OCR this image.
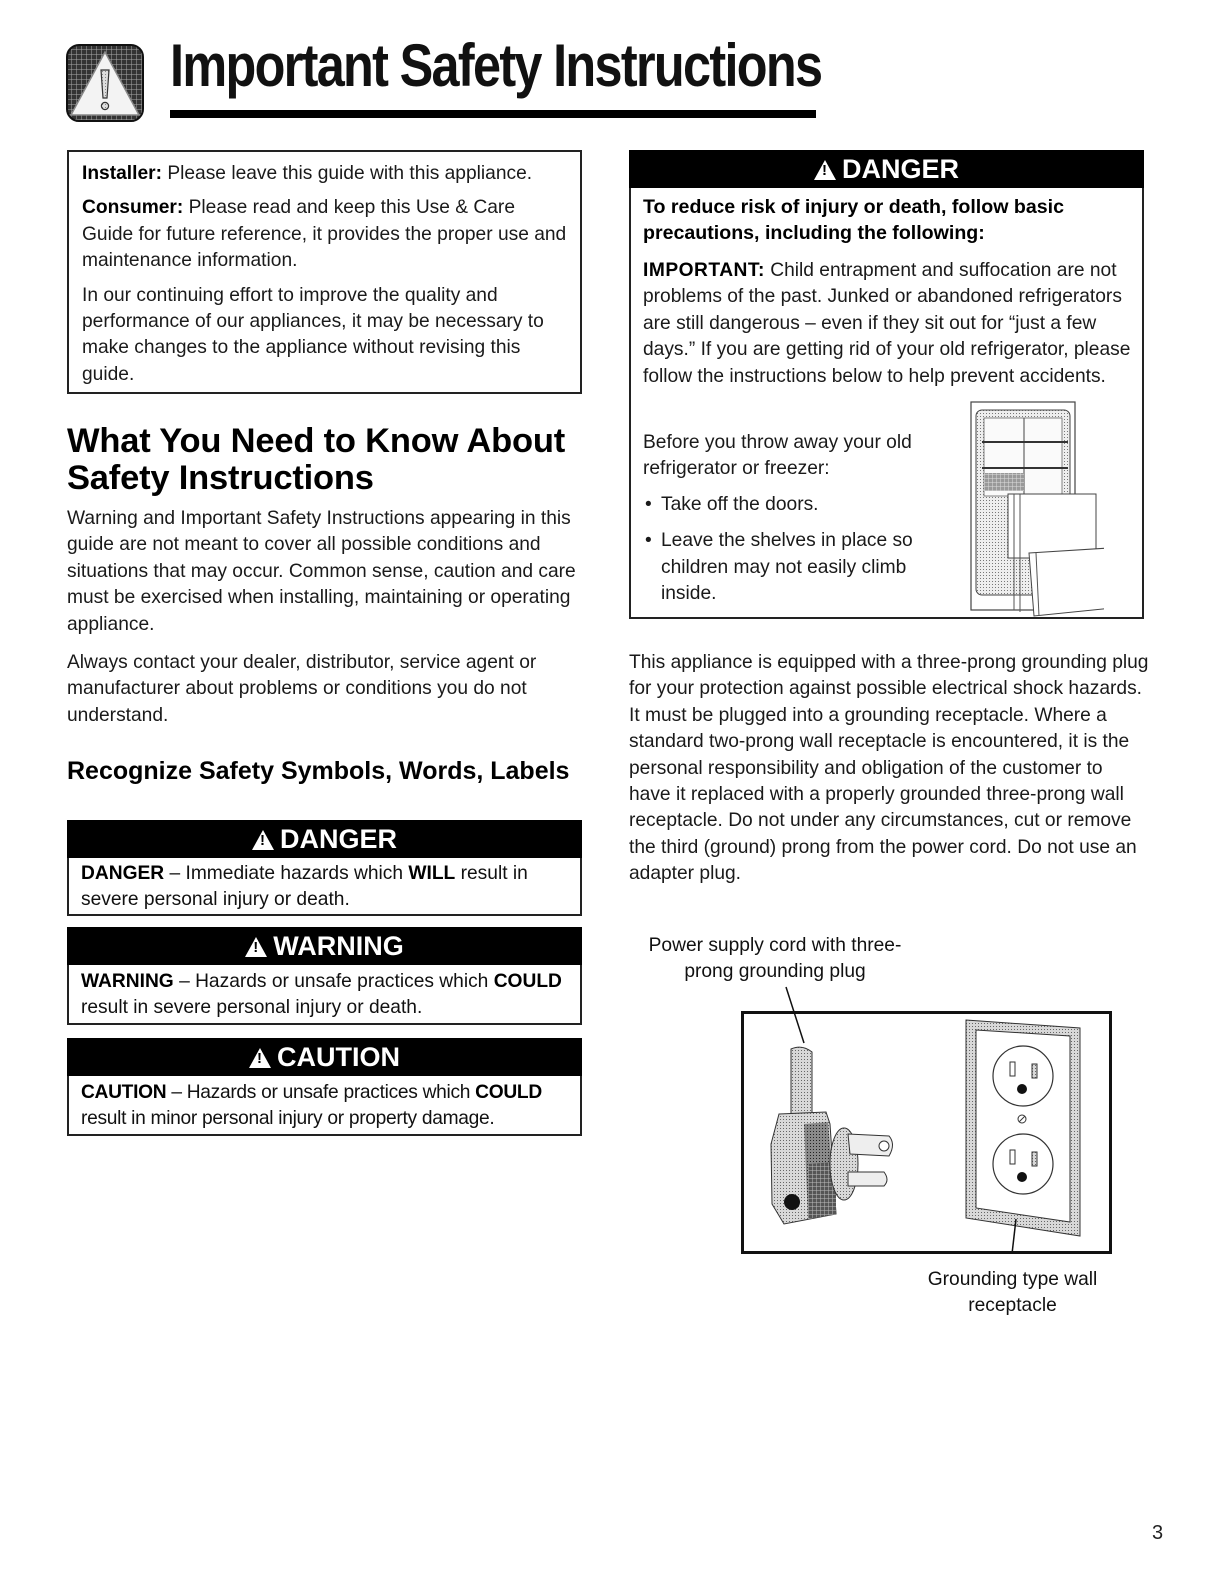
Important Safety Instructions

Installer: Please leave this guide with this appliance.

Consumer: Please read and keep this Use & Care Guide for future reference, it provides the proper use and maintenance information.

In our continuing effort to improve the quality and performance of our appliances, it may be necessary to make changes to the appliance without revising this guide.

What You Need to Know About Safety Instructions
Warning and Important Safety Instructions appearing in this guide are not meant to cover all possible conditions and situations that may occur. Common sense, caution and care must be exercised when installing, maintaining or operating appliance.
Always contact your dealer, distributor, service agent or manufacturer about problems or conditions you do not understand.
Recognize Safety Symbols, Words, Labels
!DANGER
DANGER – Immediate hazards which WILL result in severe personal injury or death.
!WARNING
WARNING – Hazards or unsafe practices which COULD result in severe personal injury or death.
!CAUTION
CAUTION – Hazards or unsafe practices which COULD result in minor personal injury or property damage.
!DANGER
To reduce risk of injury or death, follow basic precautions, including the following:
IMPORTANT: Child entrapment and suffocation are not problems of the past. Junked or abandoned refrigerators are still dangerous – even if they sit out for “just a few days.” If you are getting rid of your old refrigerator, please follow the instructions below to help prevent accidents.
Before you throw away your old refrigerator or freezer:
• Take off the doors.
• Leave the shelves in place so children may not easily climb inside.
This appliance is equipped with a three-prong grounding plug for your protection against possible electrical shock hazards. It must be plugged into a grounding receptacle. Where a standard two-prong wall receptacle is encountered, it is the personal responsibility and obligation of the customer to have it replaced with a properly grounded three-prong wall receptacle. Do not under any circumstances, cut or remove the third (ground) prong from the power cord. Do not use an adapter plug.
Power supply cord with three-prong grounding plug
Grounding type wall receptacle
3
